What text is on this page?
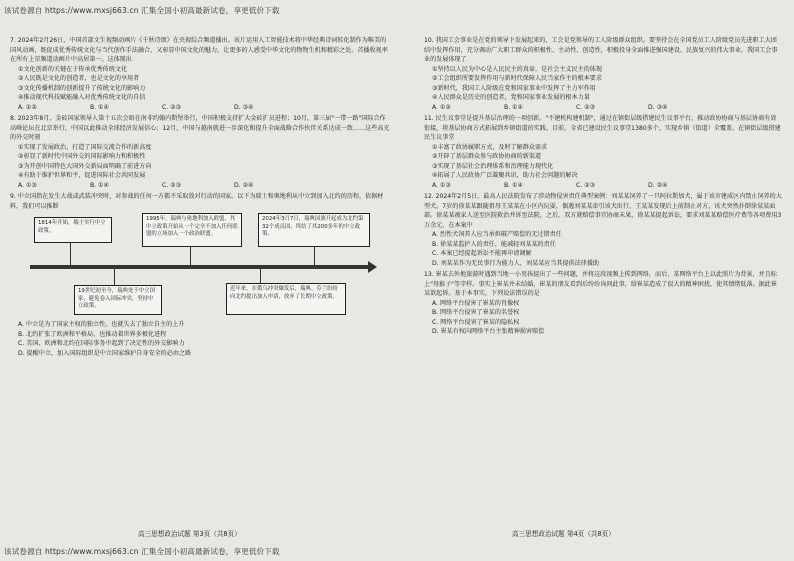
该试卷源自 https://www.mxsj663.cn 汇集全国小初高最新试卷，享更低价下载

7. 2024年2月26日，中国首部文生视频动画片《千秋诗颂》在央视综合频道播出。该片运用人工智能技术将中华经典诗词转化制作为唯美的国风动画，既促成优秀传统文化与当代创作手法融合，又彰显中国文化的魅力，让更多的人感受中华文化的物物生机和精彩之处。首播收视率在所有上星频道动画片中高居第一。这体现出

①文化创新的关键在于传承优秀传统文化

②人民既是文化的创造者，也是文化的享用者

③文化传播机制的创新提升了传统文化的影响力

④推动现代科技赋能融入对优秀传统文化的自信

A. ①②	B. ①④	C. ②③	D. ③④

8. 2023年8月，金砖国家领导人第十五次会晤在南非约翰内斯堡举行，中国积极支持扩大金砖扩员进程；10月，第三届"一带一路"国际合作高峰论坛在北京举行，中国以此推动全球经济发展信心；12月，中国与越南就进一步深化和提升全面战略合作伙伴关系达成一致……这些高光的外交时刻

①实现了发展政治，打造了国际交流合作的新高度

②彰显了新时代中国外交的国际影响力和积极性

③为开创中国特色大国外交新局面明确了前进方向

④有助于维护世界和平，促进国际社会共同发展

A. ①③	B. ①④	C. ②③	D. ②④

9. 中立国指在发生大战或武装冲突时，对参战的任何一方都不采取敌对行动的国家。以下为瑞士和奥地利从中立到加入北约的历程，依据材料，我们可以推断

1814年开始，瑞士实行中立政策。
1995年，瑞典与奥地利加入欧盟，其中立政策开始从一个完全不加入任何联盟的立场加入一个政治联盟。
2024年3月7日，瑞典国旗升起成为北约第32个成员国，终结了其200多年的中立政策。
19世纪初至今，瑞典处于中立国家，避免卷入国际冲突，坚持中立政策。
近年来，在俄乌冲突爆发后，瑞典、芬兰纷纷向北约提出加入申请，放弃了长期中立政策。

A. 中立是为了国家主权的独立性，也就失去了独立自主的上升

B. 北约扩张了欧洲和平格局，也推动着世界多极化进程

C. 美国、欧洲和北约在国际事务中起到了决定性的外交影响力

D. 提醒中立，加入国际组织是中立国家维护自身安全的必由之路

高三思想政治试题 第3页（共8页）

10. 我国工会事业是在党的领导下发展起来的，工会是党领导的工人阶级群众组织。要坚持会在全国党员工人阶级党员先进职工大团结中发挥作用，充分调动广大职工群众的积极性、主动性、创造性，积极投身全面推进强国建设、民族复兴的伟大事业。我国工会事业的发展体现了

①坚持以人民为中心是人民民主的真谛，是社会主义民主的体现

②工会组织所要发挥作用与新时代保障人民当家作主的根本要求

③新时代，我国工人阶级在党和国家事业中发挥了主力军作用

④人民群众是历史的创造者，党和国家事业发展的根本力量

A. ①②	B. ①④	C. ②③	D. ③④

11. 民生议事堂是提升基层治理的一项创新。"不建机构建机制"，通过在镇街层级搭建民生议事平台，推动政协协商与基层协商有效衔接，将基层协商方式拓展到乡镇街道的实践。目前，全省已建设民生议事堂1380多个，实现乡镇（街道）全覆盖。在镇街层级搭建民生议事堂

①丰富了政协履职方式，及时了解群众需求

②开辟了基层群众参与政协协商的新渠道

③实现了基层社会治理体系和治理能力现代化

④拓展了人民政协广泛凝聚共识，助力社会问题的解决

A. ①③	B. ①④	C. ②③	D. ②④

12. 2024年2月5日，最高人民法院发布了涉动物侵害责任典型案例：刘某某饲养了一只阿拉斯加犬，属于该市建成区内禁止饲养的大型犬。7岁的徐某某跟随祖母王某某在小区内玩耍，偶遇刘某某牵引该犬出行，王某某发现后上前制止对方，该犬突然扑倒徐某某面部。徐某某被家人送至医院救治并诉至法院，之后，双方就赔偿事宜协商未果，徐某某提起诉讼，要求刘某某赔偿医疗费等各项费用3万余元。在本案中

A. 烈性犬饲养人应当承担破产赔偿的无过错责任

B. 徐某某监护人的责任，能减轻刘某某的责任

C. 本案已经提起诉讼不能再申请调解

D. 刘某某作为无民事行为能力人，刘某某应当其提供法律援助

13. 崔某去外地旅游时遇到当地一小男孩提出了一些问题，并将这段视频上传到网络，而后，某网络平台上以此照片为背景，并且标上"母猴子"等字样。事实上崔某并未结婚，崔某的朋友看到后纷纷询问此事，给崔某造成了很大的精神困扰，使其情绪低落。据此崔某欲起诉。基于本事实，下列说法错误的是

A. 网络平台侵害了崔某的肖像权

B. 网络平台侵害了崔某的名誉权

C. 网络平台侵害了崔某的隐私权

D. 崔某有权向网络平台主张精神损害赔偿

高三思想政治试题 第4页（共8页）
该试卷源自 https://www.mxsj663.cn 汇集全国小初高最新试卷，享更低价下载
